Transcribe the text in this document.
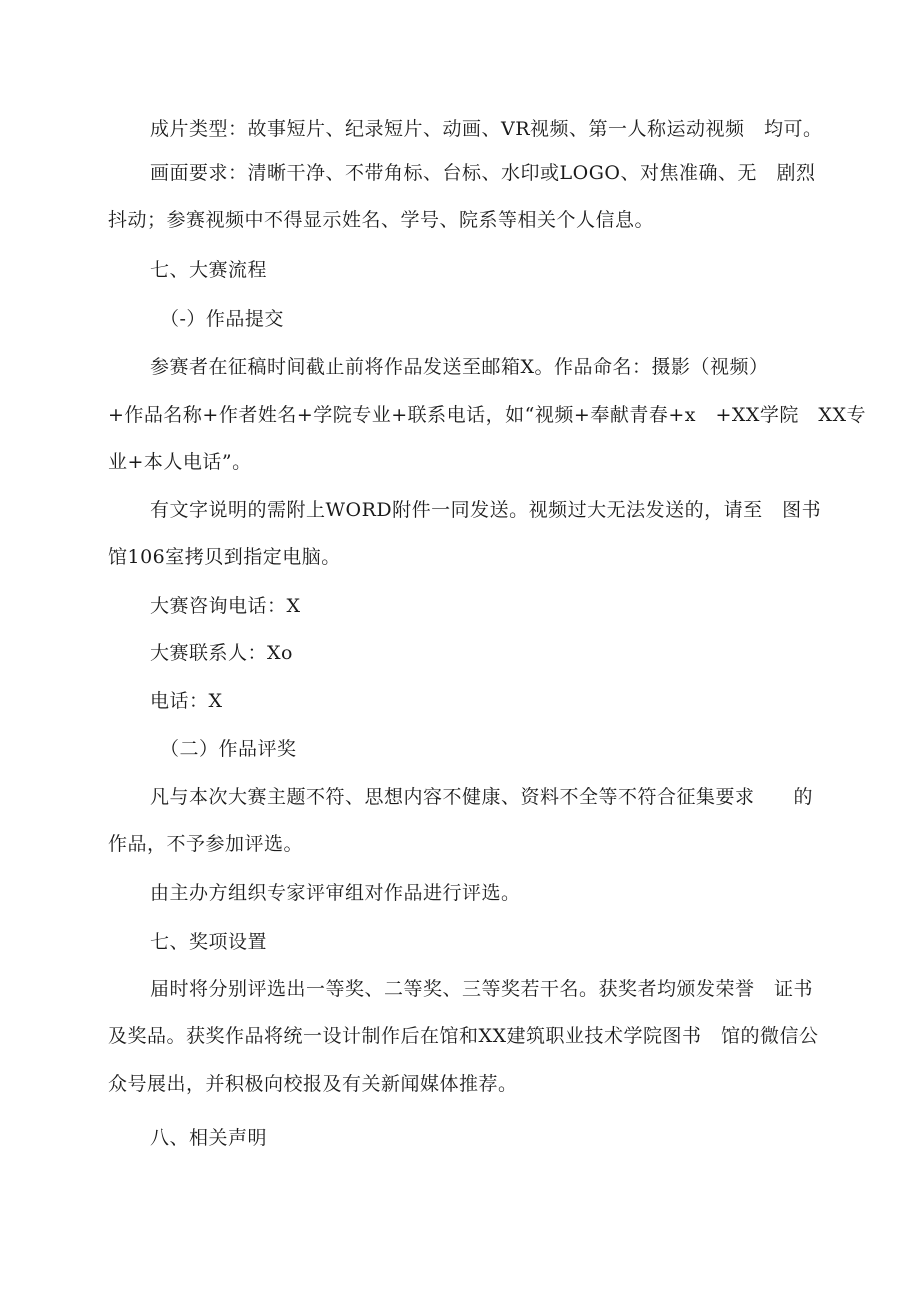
成片类型：故事短片、纪录短片、动画、VR视频、第一人称运动视频　均可。
画面要求：清晰干净、不带角标、台标、水印或LOGO、对焦准确、无　剧烈
抖动；参赛视频中不得显示姓名、学号、院系等相关个人信息。
七、大赛流程
（-）作品提交
参赛者在征稿时间截止前将作品发送至邮箱X。作品命名：摄影（视频）
+作品名称+作者姓名+学院专业+联系电话，如“视频+奉献青春+x　+XX学院　XX专
业+本人电话”。
有文字说明的需附上WORD附件一同发送。视频过大无法发送的，请至　图书
馆106室拷贝到指定电脑。
大赛咨询电话：X
大赛联系人：Xo
电话：X
（二）作品评奖
凡与本次大赛主题不符、思想内容不健康、资料不全等不符合征集要求　　的
作品，不予参加评选。
由主办方组织专家评审组对作品进行评选。
七、奖项设置
届时将分别评选出一等奖、二等奖、三等奖若干名。获奖者均颁发荣誉　证书
及奖品。获奖作品将统一设计制作后在馆和XX建筑职业技术学院图书　馆的微信公
众号展出，并积极向校报及有关新闻媒体推荐。
八、相关声明
